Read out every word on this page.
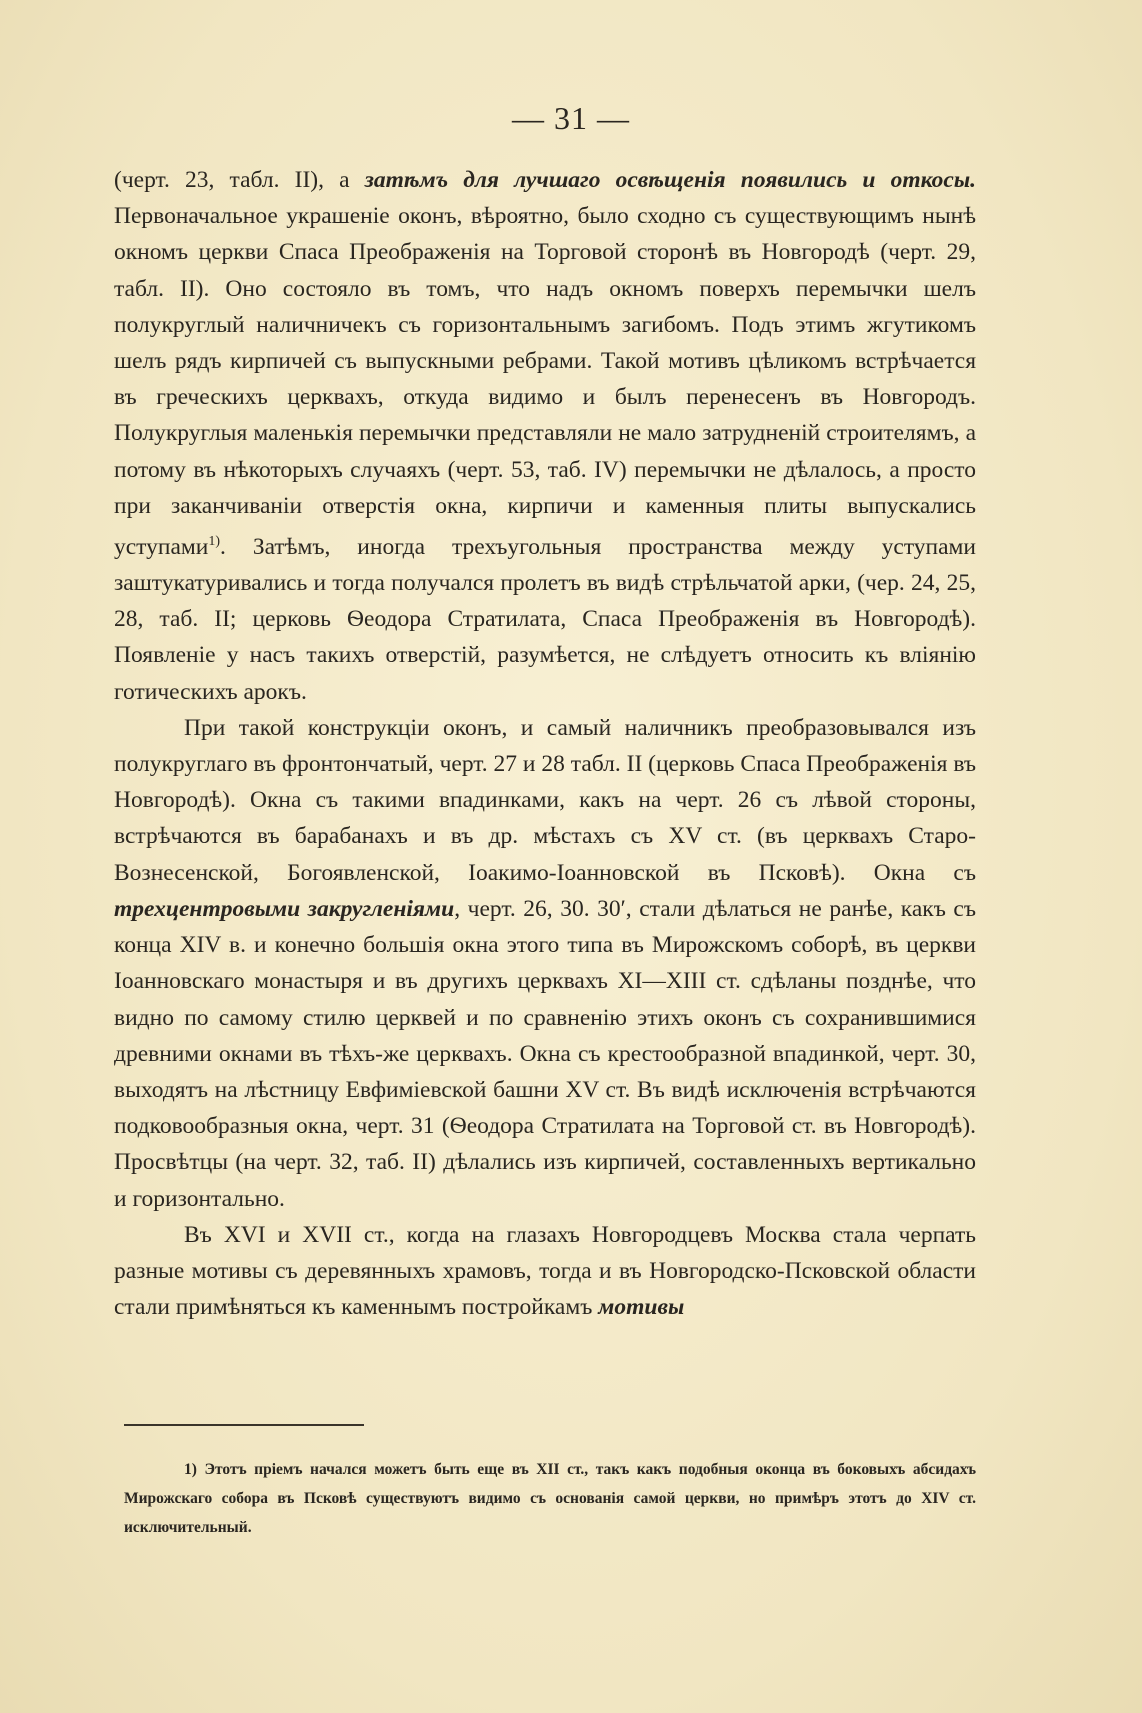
— 31 —

(черт. 23, табл. II), а затѣмъ для лучшаго освѣщенія появились и откосы. Первоначальное украшеніе оконъ, вѣроятно, было сходно съ существующимъ нынѣ окномъ церкви Спаса Преображенія на Торговой сторонѣ въ Новгородѣ (черт. 29, табл. II). Оно состояло въ томъ, что надъ окномъ поверхъ перемычки шелъ полукруглый наличничекъ съ горизонтальнымъ загибомъ. Подъ этимъ жгутикомъ шелъ рядъ кирпичей съ выпускными ребрами. Такой мотивъ цѣликомъ встрѣчается въ греческихъ церквахъ, откуда видимо и былъ перенесенъ въ Новгородъ. Полукруглыя маленькія перемычки представляли не мало затрудненій строителямъ, а потому въ нѣкоторыхъ случаяхъ (черт. 53, таб. IV) перемычки не дѣлалось, а просто при заканчиваніи отверстія окна, кирпичи и каменныя плиты выпускались уступами$^{1)}$. Затѣмъ, иногда трехъугольныя пространства между уступами заштукатуривались и тогда получался пролетъ въ видѣ стрѣльчатой арки, (чер. 24, 25, 28, таб. II; церковь Ѳеодора Стратилата, Спаса Преображенія въ Новгородѣ). Появленіе у насъ такихъ отверстій, разумѣется, не слѣдуетъ относить къ вліянію готическихъ арокъ.

При такой конструкціи оконъ, и самый наличникъ преобразовывался изъ полукруглаго въ фронтончатый, черт. 27 и 28 табл. II (церковь Спаса Преображенія въ Новгородѣ). Окна съ такими впадинками, какъ на черт. 26 съ лѣвой стороны, встрѣчаются въ барабанахъ и въ др. мѣстахъ съ XV ст. (въ церквахъ Старо-Вознесенской, Богоявленской, Іоакимо-Іоанновской въ Псковѣ). Окна съ трехцентровыми закругленіями, черт. 26, 30. 30′, стали дѣлаться не ранѣе, какъ съ конца XIV в. и конечно большія окна этого типа въ Мирожскомъ соборѣ, въ церкви Іоанновскаго монастыря и въ другихъ церквахъ XI—XIII ст. сдѣланы позднѣе, что видно по самому стилю церквей и по сравненію этихъ оконъ съ сохранившимися древними окнами въ тѣхъ-же церквахъ. Окна съ крестообразной впадинкой, черт. 30, выходятъ на лѣстницу Евфиміевской башни XV ст. Въ видѣ исключенія встрѣчаются подковообразныя окна, черт. 31 (Ѳеодора Стратилата на Торговой ст. въ Новгородѣ). Просвѣтцы (на черт. 32, таб. II) дѣлались изъ кирпичей, составленныхъ вертикально и горизонтально.

Въ XVI и XVII ст., когда на глазахъ Новгородцевъ Москва стала черпать разные мотивы съ деревянныхъ храмовъ, тогда и въ Новгородско-Псковской области стали примѣняться къ каменнымъ постройкамъ мотивы

1) Этотъ пріемъ начался можетъ быть еще въ XII ст., такъ какъ подобныя оконца въ боковыхъ абсидахъ Мирожскаго собора въ Псковѣ существуютъ видимо съ основанія самой церкви, но примѣръ этотъ до XIV ст. исключительный.
